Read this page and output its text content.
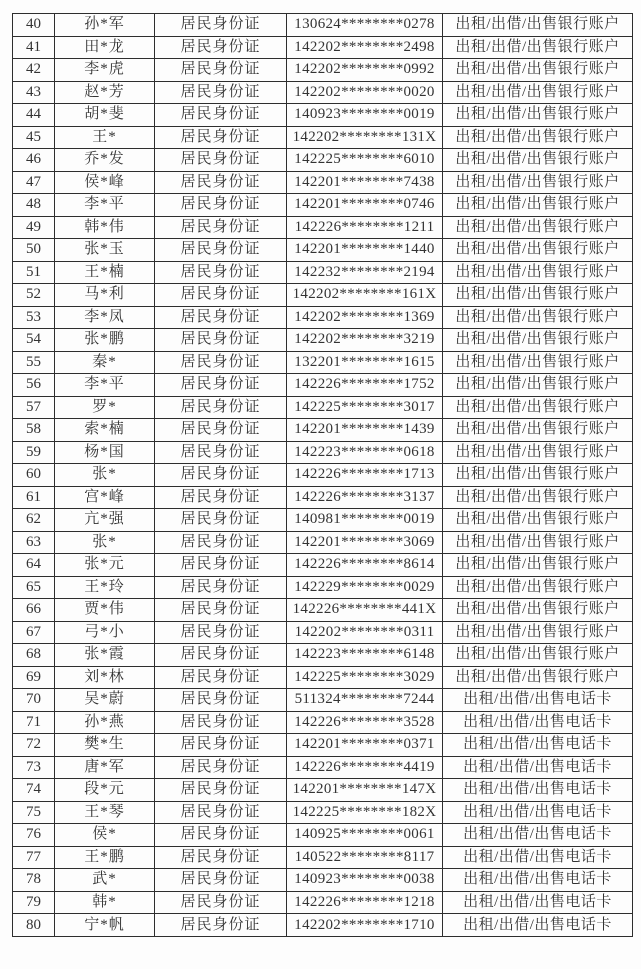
40	孙*军	居民身份证	130624********0278	出租/出借/出售银行账户
41	田*龙	居民身份证	142202********2498	出租/出借/出售银行账户
42	李*虎	居民身份证	142202********0992	出租/出借/出售银行账户
43	赵*芳	居民身份证	142202********0020	出租/出借/出售银行账户
44	胡*斐	居民身份证	140923********0019	出租/出借/出售银行账户
45	王*	居民身份证	142202********131X	出租/出借/出售银行账户
46	乔*发	居民身份证	142225********6010	出租/出借/出售银行账户
47	侯*峰	居民身份证	142201********7438	出租/出借/出售银行账户
48	李*平	居民身份证	142201********0746	出租/出借/出售银行账户
49	韩*伟	居民身份证	142226********1211	出租/出借/出售银行账户
50	张*玉	居民身份证	142201********1440	出租/出借/出售银行账户
51	王*楠	居民身份证	142232********2194	出租/出借/出售银行账户
52	马*利	居民身份证	142202********161X	出租/出借/出售银行账户
53	李*凤	居民身份证	142202********1369	出租/出借/出售银行账户
54	张*鹏	居民身份证	142202********3219	出租/出借/出售银行账户
55	秦*	居民身份证	132201********1615	出租/出借/出售银行账户
56	李*平	居民身份证	142226********1752	出租/出借/出售银行账户
57	罗*	居民身份证	142225********3017	出租/出借/出售银行账户
58	索*楠	居民身份证	142201********1439	出租/出借/出售银行账户
59	杨*国	居民身份证	142223********0618	出租/出借/出售银行账户
60	张*	居民身份证	142226********1713	出租/出借/出售银行账户
61	宫*峰	居民身份证	142226********3137	出租/出借/出售银行账户
62	亢*强	居民身份证	140981********0019	出租/出借/出售银行账户
63	张*	居民身份证	142201********3069	出租/出借/出售银行账户
64	张*元	居民身份证	142226********8614	出租/出借/出售银行账户
65	王*玲	居民身份证	142229********0029	出租/出借/出售银行账户
66	贾*伟	居民身份证	142226********441X	出租/出借/出售银行账户
67	弓*小	居民身份证	142202********0311	出租/出借/出售银行账户
68	张*霞	居民身份证	142223********6148	出租/出借/出售银行账户
69	刘*林	居民身份证	142225********3029	出租/出借/出售银行账户
70	吴*蔚	居民身份证	511324********7244	出租/出借/出售电话卡
71	孙*燕	居民身份证	142226********3528	出租/出借/出售电话卡
72	樊*生	居民身份证	142201********0371	出租/出借/出售电话卡
73	唐*军	居民身份证	142226********4419	出租/出借/出售电话卡
74	段*元	居民身份证	142201********147X	出租/出借/出售电话卡
75	王*琴	居民身份证	142225********182X	出租/出借/出售电话卡
76	侯*	居民身份证	140925********0061	出租/出借/出售电话卡
77	王*鹏	居民身份证	140522********8117	出租/出借/出售电话卡
78	武*	居民身份证	140923********0038	出租/出借/出售电话卡
79	韩*	居民身份证	142226********1218	出租/出借/出售电话卡
80	宁*帆	居民身份证	142202********1710	出租/出借/出售电话卡
